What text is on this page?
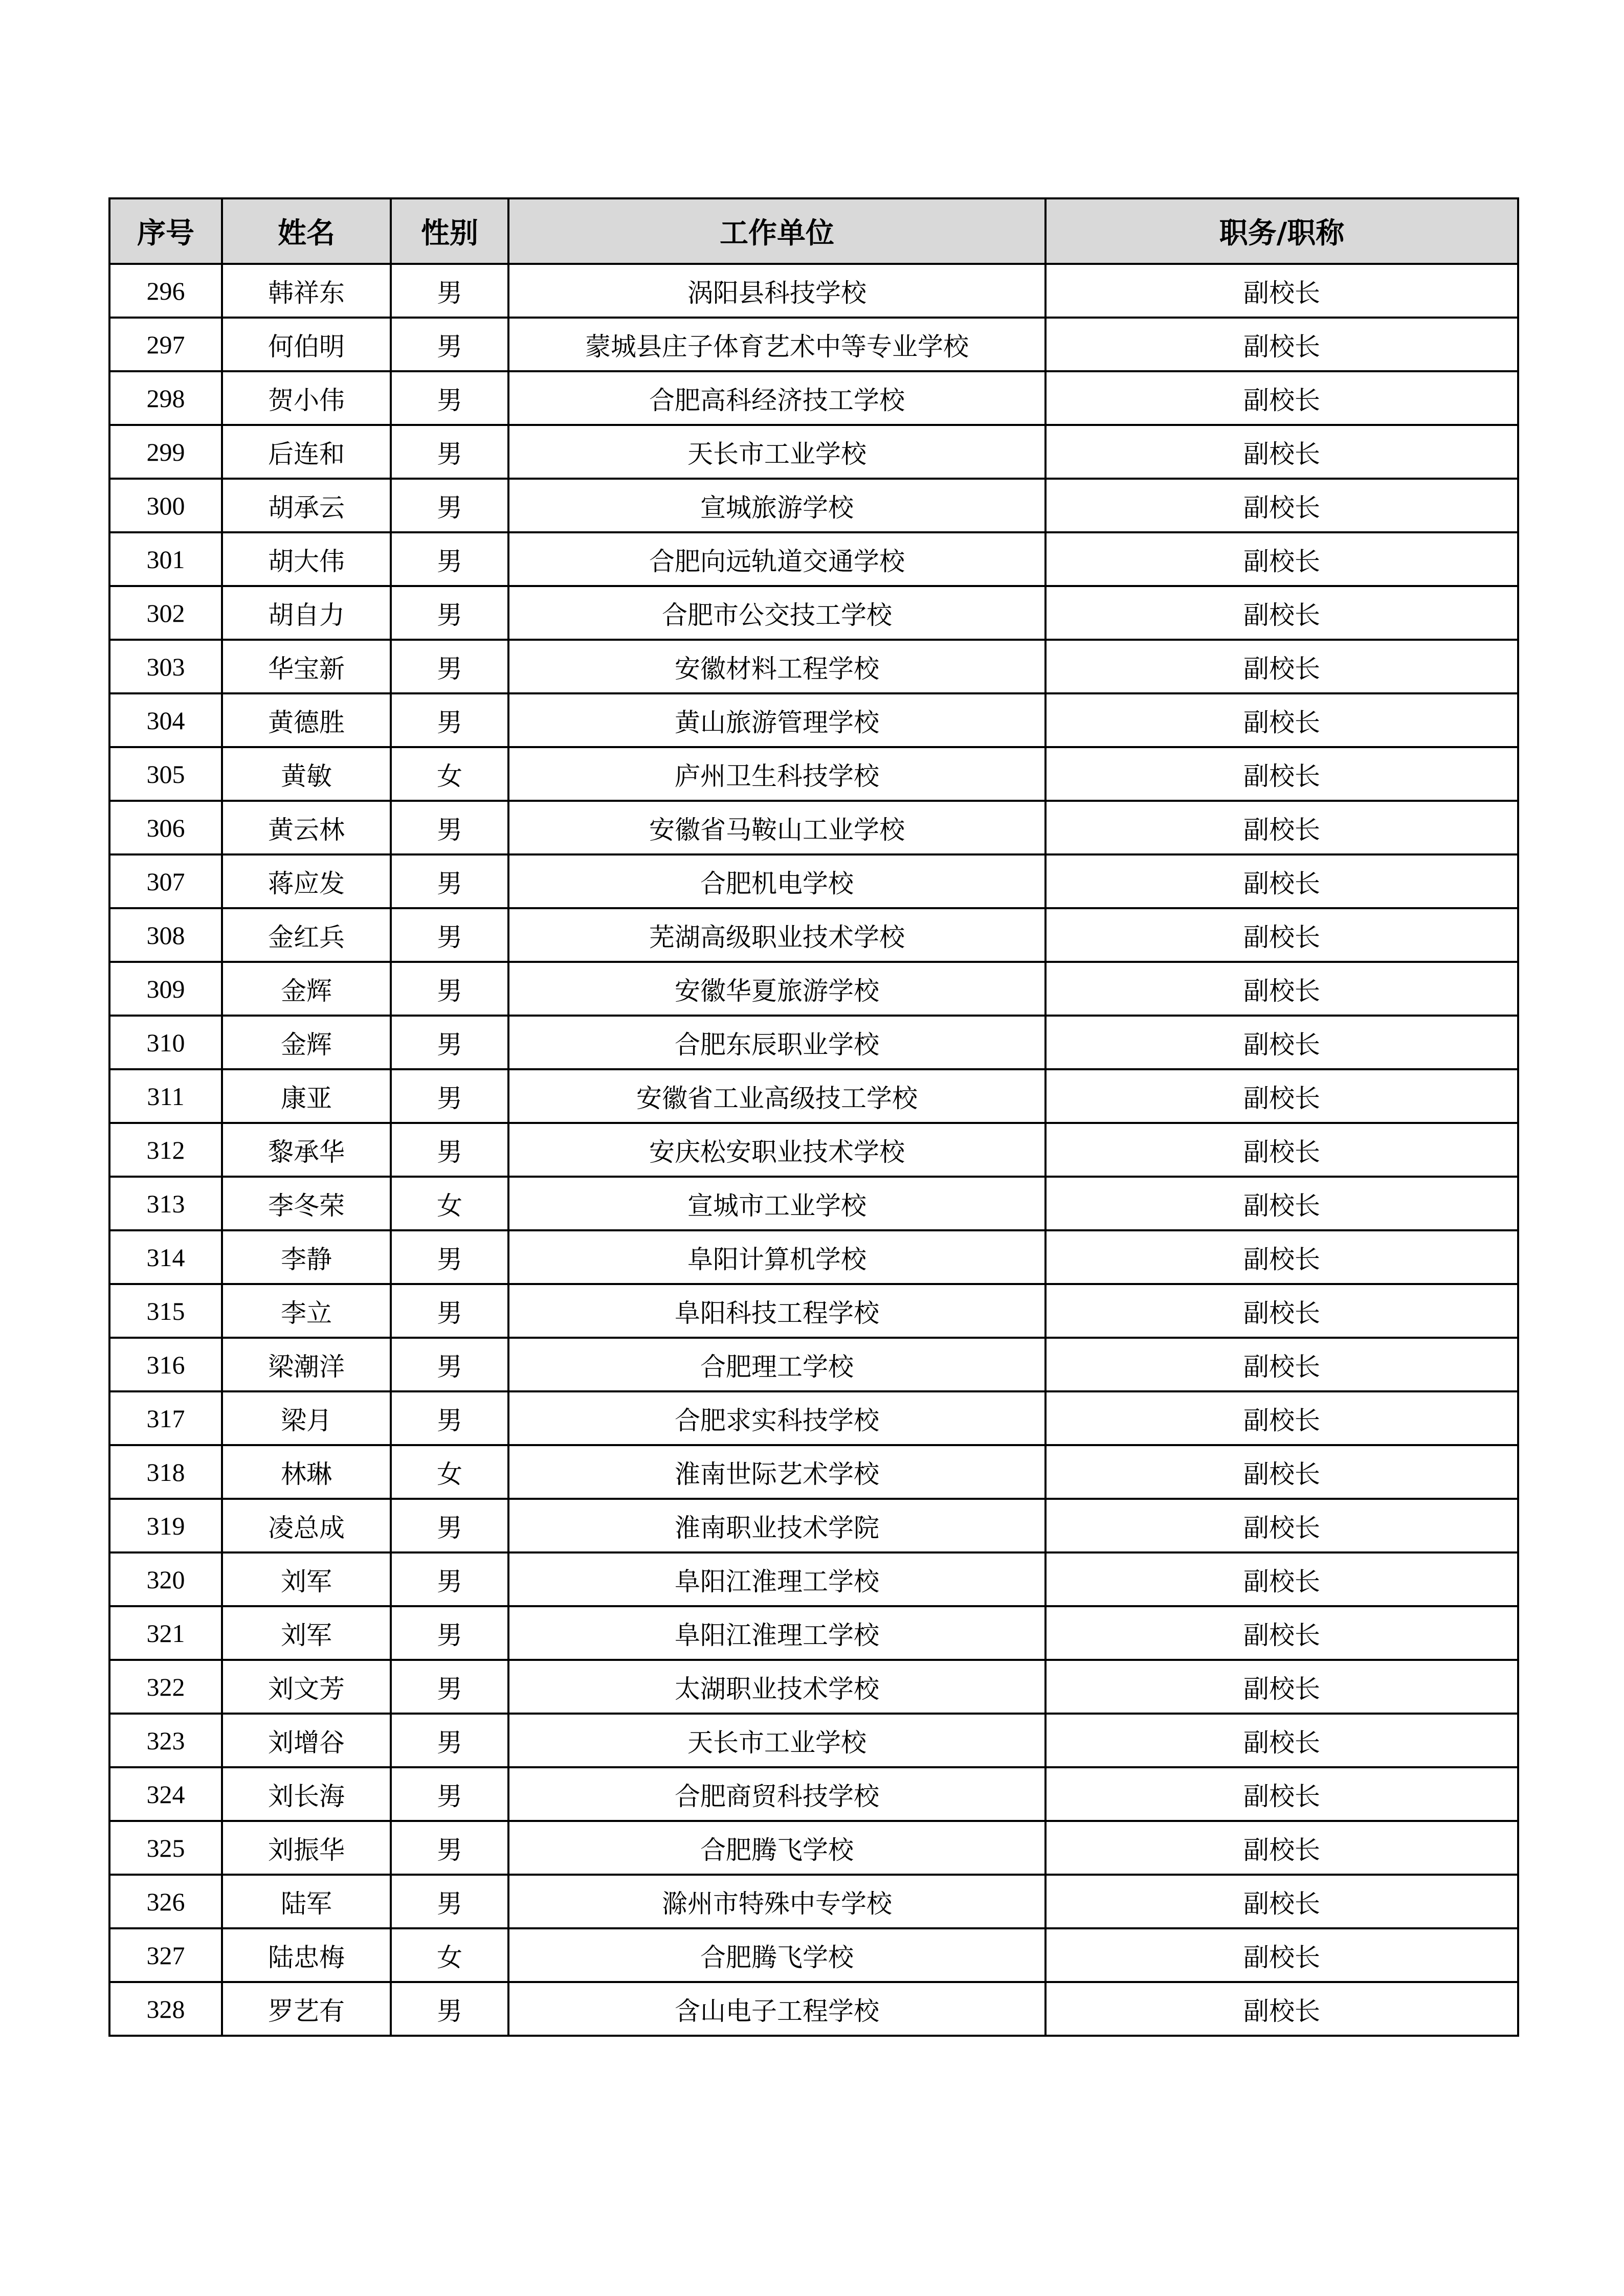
序号	姓名	性别	工作单位	职务/职称
296	韩祥东	男	涡阳县科技学校	副校长
297	何伯明	男	蒙城县庄子体育艺术中等专业学校	副校长
298	贺小伟	男	合肥高科经济技工学校	副校长
299	后连和	男	天长市工业学校	副校长
300	胡承云	男	宣城旅游学校	副校长
301	胡大伟	男	合肥向远轨道交通学校	副校长
302	胡自力	男	合肥市公交技工学校	副校长
303	华宝新	男	安徽材料工程学校	副校长
304	黄德胜	男	黄山旅游管理学校	副校长
305	黄敏	女	庐州卫生科技学校	副校长
306	黄云林	男	安徽省马鞍山工业学校	副校长
307	蒋应发	男	合肥机电学校	副校长
308	金红兵	男	芜湖高级职业技术学校	副校长
309	金辉	男	安徽华夏旅游学校	副校长
310	金辉	男	合肥东辰职业学校	副校长
311	康亚	男	安徽省工业高级技工学校	副校长
312	黎承华	男	安庆松安职业技术学校	副校长
313	李冬荣	女	宣城市工业学校	副校长
314	李静	男	阜阳计算机学校	副校长
315	李立	男	阜阳科技工程学校	副校长
316	梁潮洋	男	合肥理工学校	副校长
317	梁月	男	合肥求实科技学校	副校长
318	林琳	女	淮南世际艺术学校	副校长
319	凌总成	男	淮南职业技术学院	副校长
320	刘军	男	阜阳江淮理工学校	副校长
321	刘军	男	阜阳江淮理工学校	副校长
322	刘文芳	男	太湖职业技术学校	副校长
323	刘增谷	男	天长市工业学校	副校长
324	刘长海	男	合肥商贸科技学校	副校长
325	刘振华	男	合肥腾飞学校	副校长
326	陆军	男	滁州市特殊中专学校	副校长
327	陆忠梅	女	合肥腾飞学校	副校长
328	罗艺有	男	含山电子工程学校	副校长
